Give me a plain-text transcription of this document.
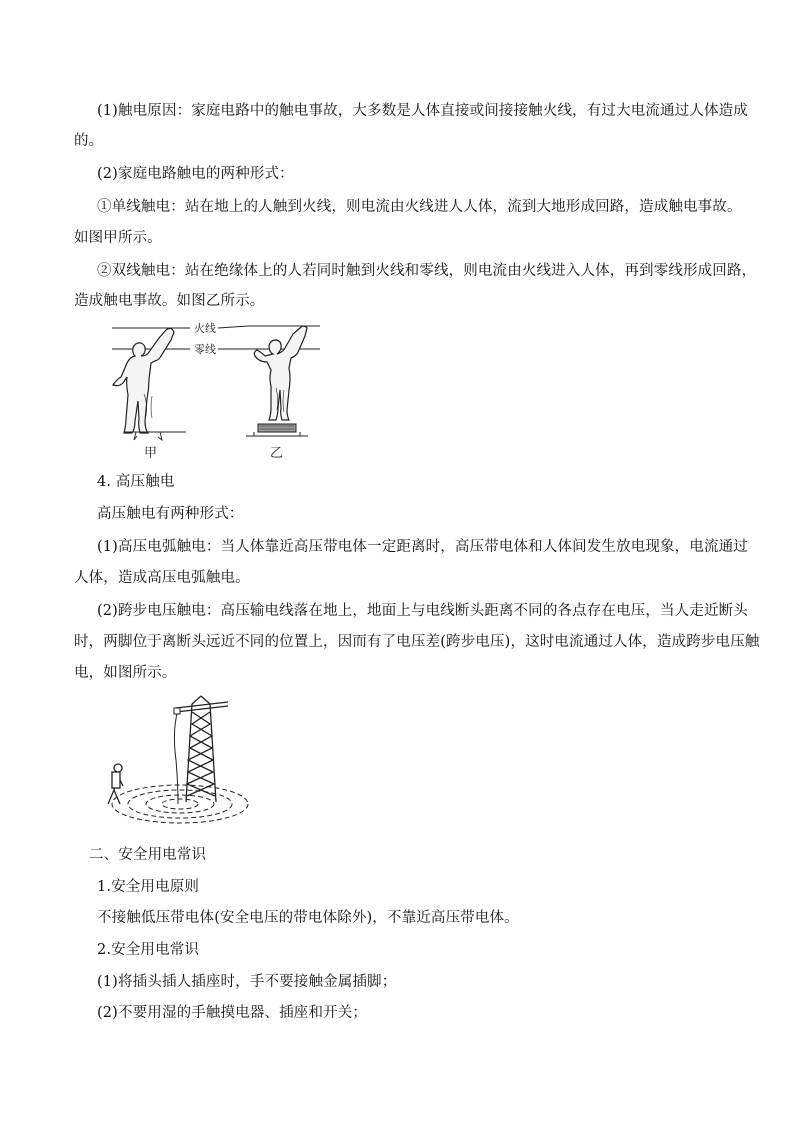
(1)触电原因：家庭电路中的触电事故，大多数是人体直接或间接接触火线，有过大电流通过人体造成
的。
(2)家庭电路触电的两种形式：
①单线触电：站在地上的人触到火线，则电流由火线进人人体，流到大地形成回路，造成触电事故。
如图甲所示。
②双线触电：站在绝缘体上的人若同时触到火线和零线，则电流由火线进入人体，再到零线形成回路，
造成触电事故。如图乙所示。
火线
零线
甲	乙
4. 高压触电
高压触电有两种形式：
(1)高压电弧触电：当人体靠近高压带电体一定距离时，高压带电体和人体间发生放电现象，电流通过
人体，造成高压电弧触电。
(2)跨步电压触电：高压输电线落在地上，地面上与电线断头距离不同的各点存在电压，当人走近断头
时，两脚位于离断头远近不同的位置上，因而有了电压差(跨步电压)，这时电流通过人体，造成跨步电压触
电，如图所示。
二、安全用电常识
1.安全用电原则
不接触低压带电体(安全电压的带电体除外)，不靠近高压带电体。
2.安全用电常识
(1)将插头插人插座时，手不要接触金属插脚；
(2)不要用湿的手触摸电器、插座和开关；
